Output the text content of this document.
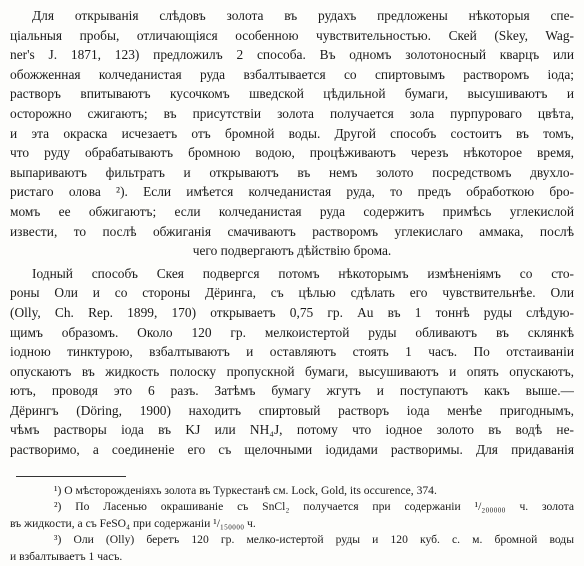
Для открыванія слѣдовъ золота въ рудахъ предложены нѣкоторыя спе-
ціальныя пробы, отличающіяся особенною чувствительностью. Скей (Skey, Wag-
ner's J. 1871, 123) предложилъ 2 способа. Въ одномъ золотоносный кварцъ или
обожженная колчеданистая руда взбалтывается со спиртовымъ растворомъ іода;
растворъ впитываютъ кусочкомъ шведской цѣдильной бумаги, высушиваютъ и
осторожно сжигаютъ; въ присутствіи золота получается зола пурпуроваго цвѣта,
и эта окраска исчезаетъ отъ бромной воды. Другой способъ состоитъ въ томъ,
что руду обрабатываютъ бромною водою, процѣживаютъ черезъ нѣкоторое время,
выпариваютъ фильтратъ и открываютъ въ немъ золото посредствомъ двухлo-
ристаго олова ²). Если имѣется колчеданистая руда, то предъ обработкою бро-
момъ ее обжигаютъ; если колчеданистая руда содержитъ примѣсь углекислой
извести, то послѣ обжиганія смачиваютъ растворомъ углекислаго аммака, послѣ
чего подвергаютъ дѣйствію брома.
Іодный способъ Скея подвергся потомъ нѣкоторымъ измѣненіямъ со сто-
роны Оли и со стороны Дёринга, съ цѣлью сдѣлать его чувствительнѣе. Оли
(Olly, Ch. Rep. 1899, 170) открываетъ 0,75 гр. Au въ 1 тоннѣ руды слѣдую-
щимъ образомъ. Около 120 гр. мелкоистертой руды обливаютъ въ склянкѣ
іодною тинктурою, взбалтываютъ и оставляютъ стоять 1 часъ. По отстаиваніи
опускаютъ въ жидкость полоску пропускной бумаги, высушиваютъ и опять опускаютъ,
ютъ, проводя это 6 разъ. Затѣмъ бумагу жгутъ и поступаютъ какъ выше.—
Дёрингъ (Döring, 1900) находитъ спиртовый растворъ іода менѣе пригоднымъ,
чѣмъ растворы іода въ KJ или NH₄J, потому что іодное золото въ водѣ не-
растворимо, а соединеніе его съ щелочными іодидами растворимы. Для придаванія
¹) О мѣсторожденіяхъ золота въ Туркестанѣ см. Lock, Gold, its occurence, 374.
²) По Ласенью окрашиваніе съ SnCl₂ получается при содержаніи ¹/₂₀₀₀₀₀ ч. золота
въ жидкости, а съ FeSO₄ при содержаніи ¹/₁₅₀₀₀₀ ч.
³) Оли (Olly) беретъ 120 гр. мелко-истертой руды и 120 куб. с. м. бромной воды
и взбалтываетъ 1 часъ.
